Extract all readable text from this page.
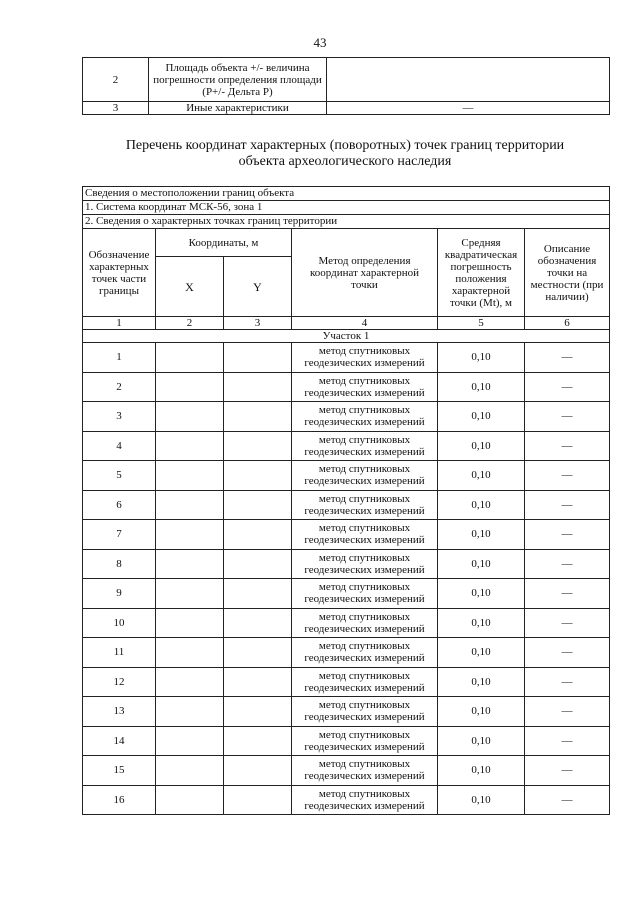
43
2	Площадь объекта +/- величина погрешности определения площади (Р+/- Дельта Р)	
3	Иные характеристики	—
Перечень координат характерных (поворотных) точек границ территории
объекта археологического наследия
Сведения о местоположении границ объекта					
1. Система координат МСК-56, зона 1					
2. Сведения о характерных точках границ территории					
Обозначение характерных точек части границы	Координаты, м		Метод определения координат характерной точки	Средняя квадратическая погрешность положения характерной точки (Mt), м	Описание обозначения точки на местности (при наличии)
	X	Y			
1	2	3	4	5	6
Участок 1					
1			метод спутниковых геодезических измерений	0,10	—
2			метод спутниковых геодезических измерений	0,10	—
3			метод спутниковых геодезических измерений	0,10	—
4			метод спутниковых геодезических измерений	0,10	—
5			метод спутниковых геодезических измерений	0,10	—
6			метод спутниковых геодезических измерений	0,10	—
7			метод спутниковых геодезических измерений	0,10	—
8			метод спутниковых геодезических измерений	0,10	—
9			метод спутниковых геодезических измерений	0,10	—
10			метод спутниковых геодезических измерений	0,10	—
11			метод спутниковых геодезических измерений	0,10	—
12			метод спутниковых геодезических измерений	0,10	—
13			метод спутниковых геодезических измерений	0,10	—
14			метод спутниковых геодезических измерений	0,10	—
15			метод спутниковых геодезических измерений	0,10	—
16			метод спутниковых геодезических измерений	0,10	—
